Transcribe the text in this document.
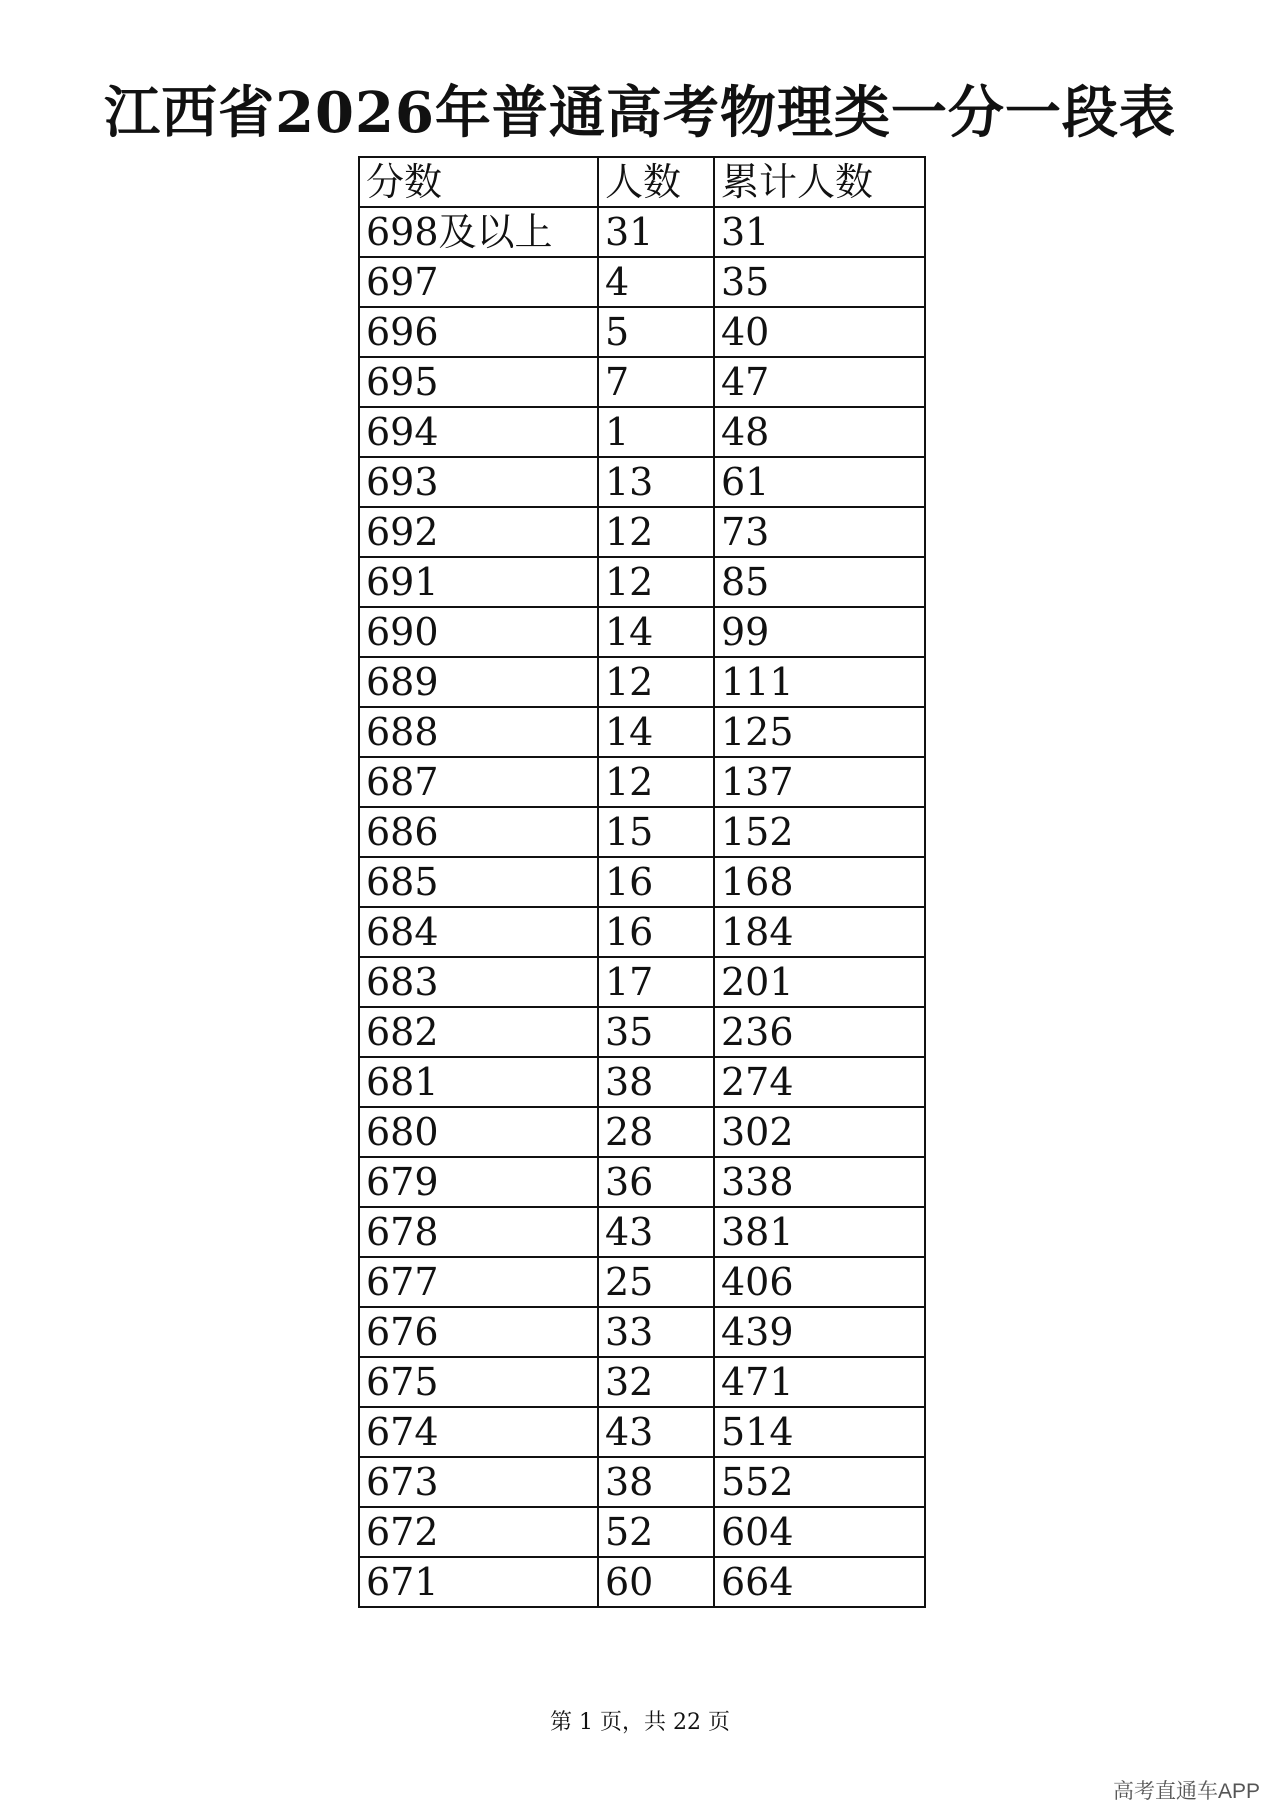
江西省2026年普通高考物理类一分一段表
分数	人数	累计人数
698及以上	31	31
697	4	35
696	5	40
695	7	47
694	1	48
693	13	61
692	12	73
691	12	85
690	14	99
689	12	111
688	14	125
687	12	137
686	15	152
685	16	168
684	16	184
683	17	201
682	35	236
681	38	274
680	28	302
679	36	338
678	43	381
677	25	406
676	33	439
675	32	471
674	43	514
673	38	552
672	52	604
671	60	664
第 1 页，共 22 页
高考直通车APP
